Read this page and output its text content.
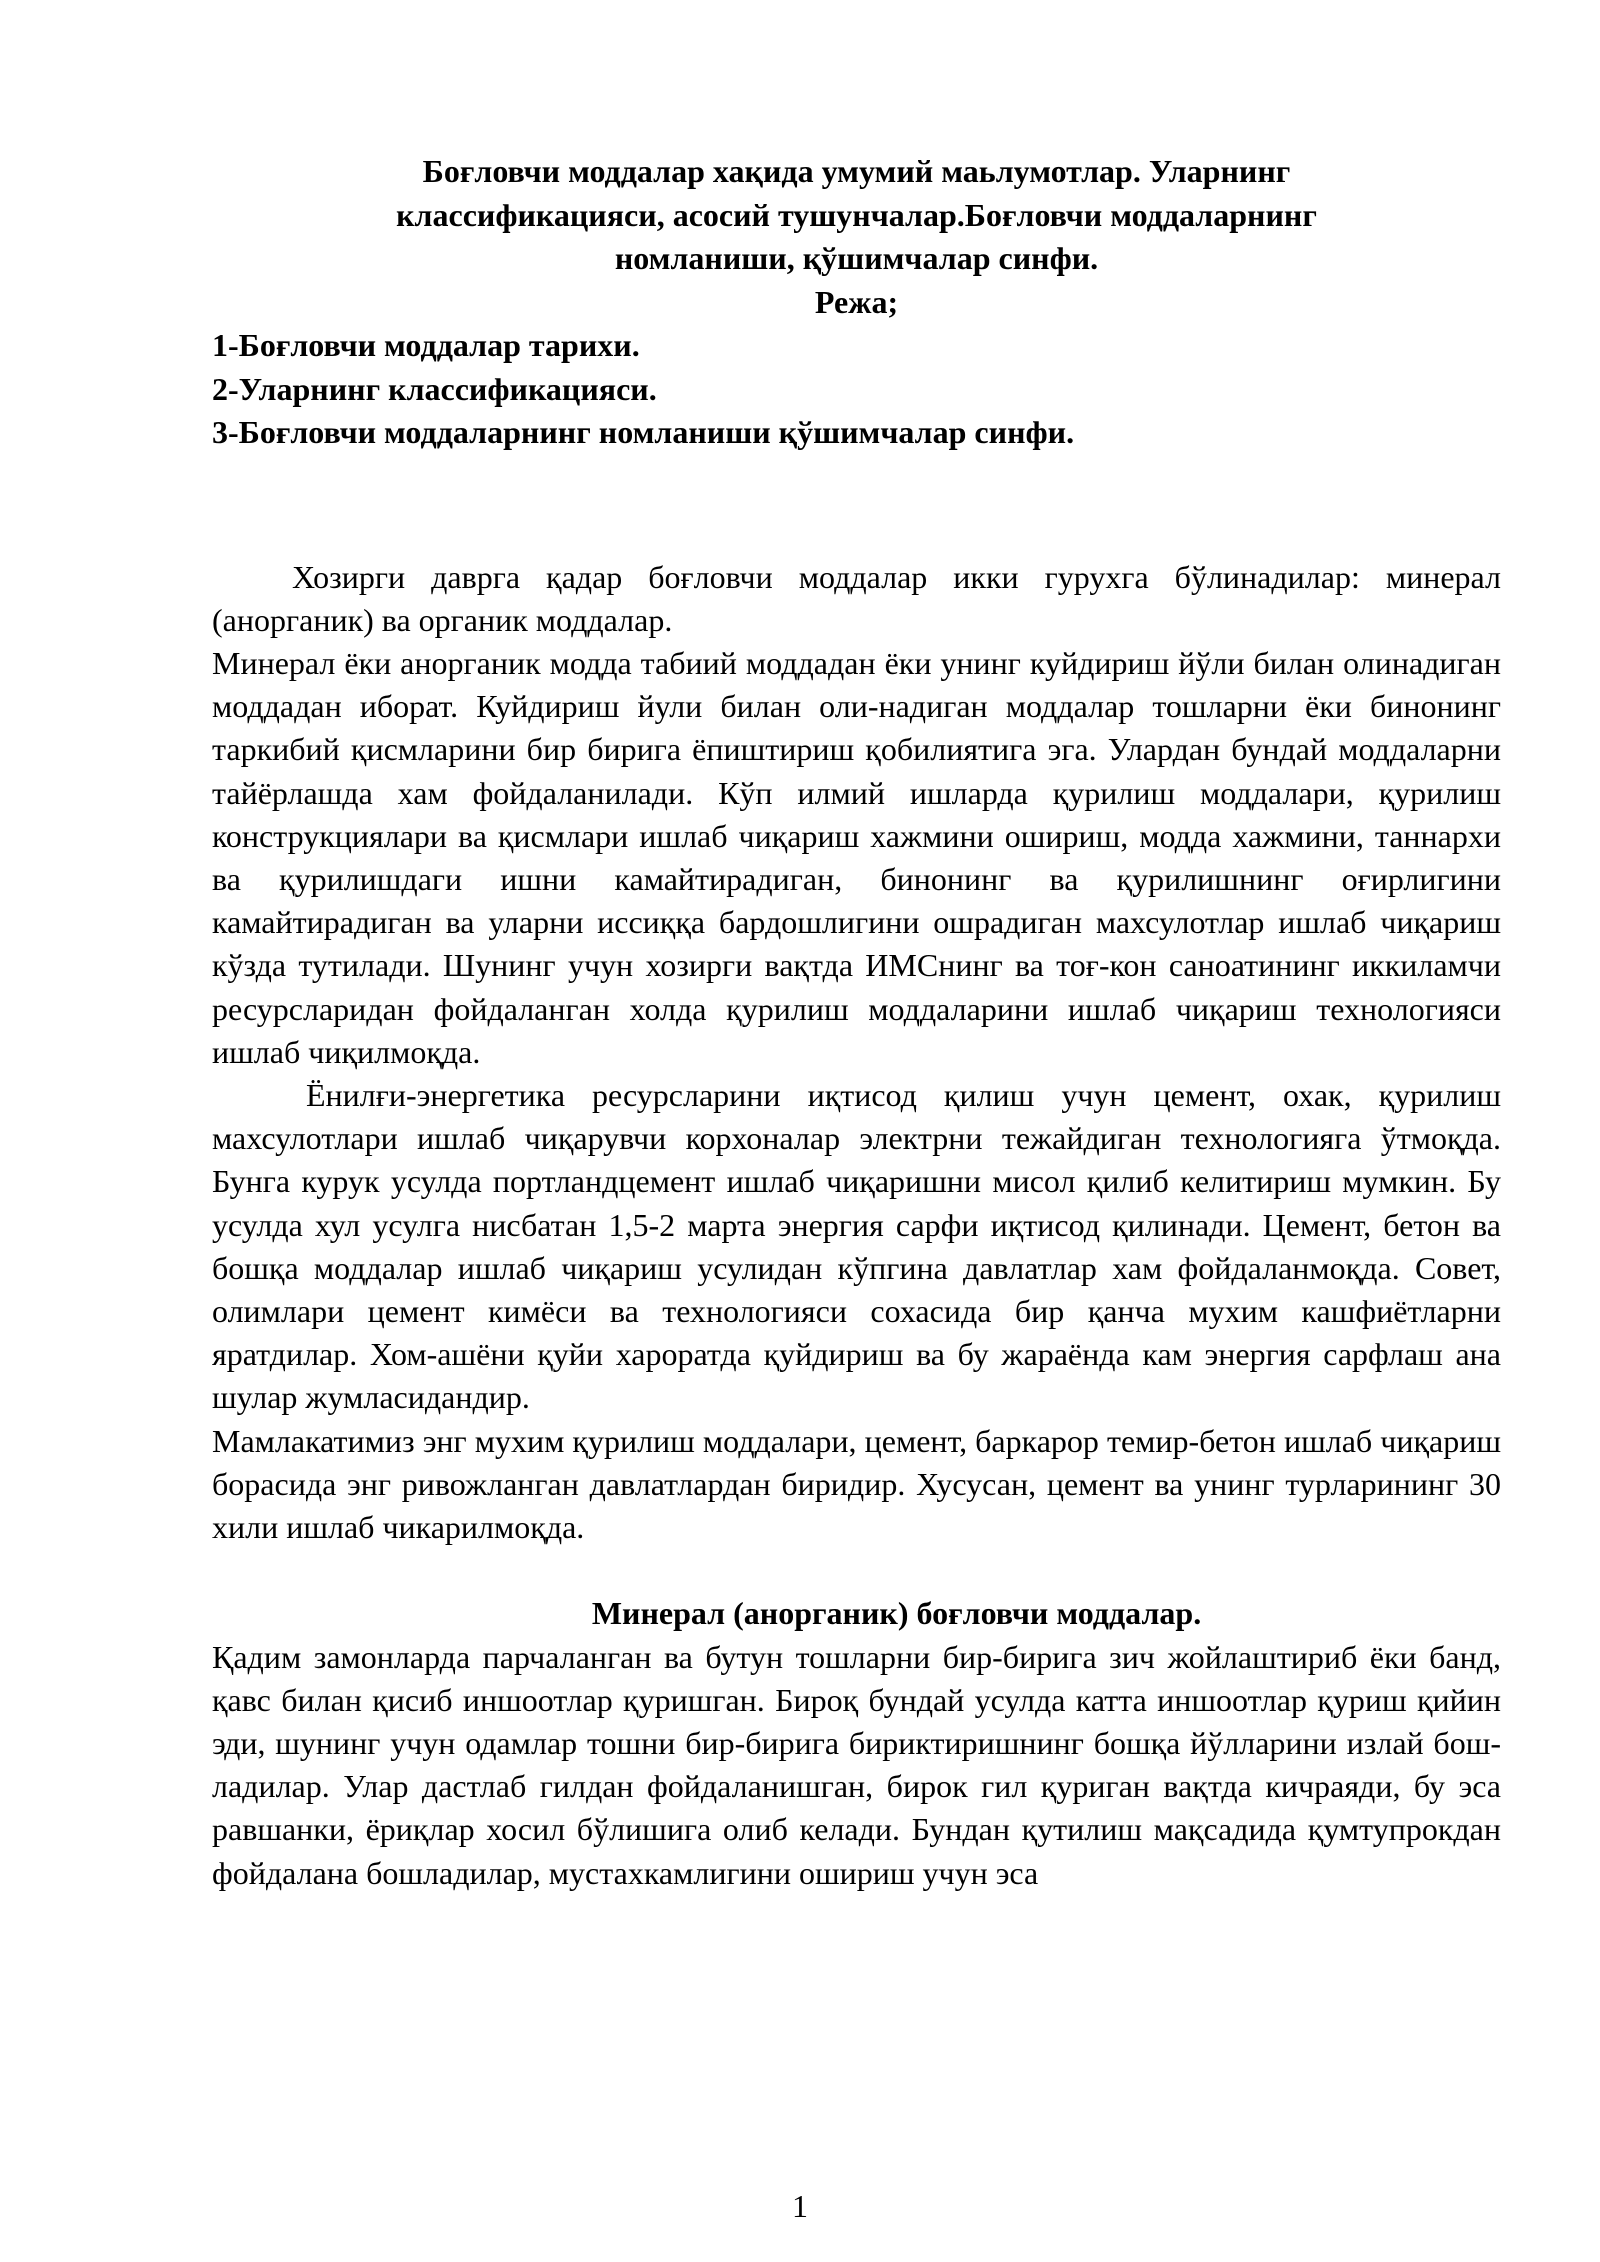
Боғловчи моддалар хақида умумий маьлумотлар. Уларнинг
классификацияси, асосий тушунчалар.Боғловчи моддаларнинг
номланиши, қўшимчалар синфи.

Режа;

1-Боғловчи моддалар тарихи.
2-Уларнинг классификацияси.
3-Боғловчи моддаларнинг номланиши қўшимчалар синфи.

Хозирги даврга қадар боғловчи моддалар икки гурухга бўлинадилар: минерал (анорганик) ва органик моддалар.

Минерал ёки анорганик модда табиий моддадан ёки унинг куйдириш йўли билан олинадиган моддадан иборат. Куйдириш йули билан оли-надиган моддалар тошларни ёки бинонинг таркибий қисмларини бир бирига ёпиштириш қобилиятига эга. Улардан бундай моддаларни тайёрлашда хам фойдаланилади. Кўп илмий ишларда қурилиш моддалари, қурилиш конструкциялари ва қисмлари ишлаб чиқариш хажмини ошириш, модда хажмини, таннархи ва қурилишдаги ишни камайтирадиган, бинонинг ва қурилишнинг оғирлигини камайтирадиган ва уларни иссиққа бардошлигини ошрадиган махсулотлар ишлаб чиқариш кўзда тутилади. Шунинг учун хозирги вақтда ИМСнинг ва тоғ-кон саноатининг иккиламчи ресурсларидан фойдаланган холда қурилиш моддаларини ишлаб чиқариш технологияси ишлаб чиқилмоқда.

Ёнилғи-энергетика ресурсларини иқтисод қилиш учун цемент, охак, қурилиш махсулотлари ишлаб чиқарувчи корхоналар электрни тежайдиган технологияга ўтмоқда. Бунга курук усулда портландцемент ишлаб чиқаришни мисол қилиб келитириш мумкин. Бу усулда хул усулга нисбатан 1,5-2 марта энергия сарфи иқтисод қилинади. Цемент, бетон ва бошқа моддалар ишлаб чиқариш усулидан кўпгина давлатлар хам фойдаланмоқда. Совет, олимлари цемент кимёси ва технологияси сохасида бир қанча мухим кашфиётларни яратдилар. Хом-ашёни қуйи хароратда қуйдириш ва бу жараёнда кам энергия сарфлаш ана шулар жумласидандир.

Мамлакатимиз энг мухим қурилиш моддалари, цемент, баркарор темир-бетон ишлаб чиқариш борасида энг ривожланган давлатлардан биридир. Хусусан, цемент ва унинг турларининг 30 хили ишлаб чикарилмоқда.

Минерал (анорганик) боғловчи моддалар.

Қадим замонларда парчаланган ва бутун тошларни бир-бирига зич жойлаштириб ёки банд, қавс билан қисиб иншоотлар қуришган. Бироқ бундай усулда катта иншоотлар қуриш қийин эди, шунинг учун одамлар тошни бир-бирига бириктиришнинг бошқа йўлларини излай бош-ладилар. Улар дастлаб гилдан фойдаланишган, бирок гил қуриган вақтда кичраяди, бу эса равшанки, ёриқлар хосил бўлишига олиб келади. Бундан қутилиш мақсадида қумтупрокдан фойдалана бошладилар, мустахкамлигини ошириш учун эса

1
